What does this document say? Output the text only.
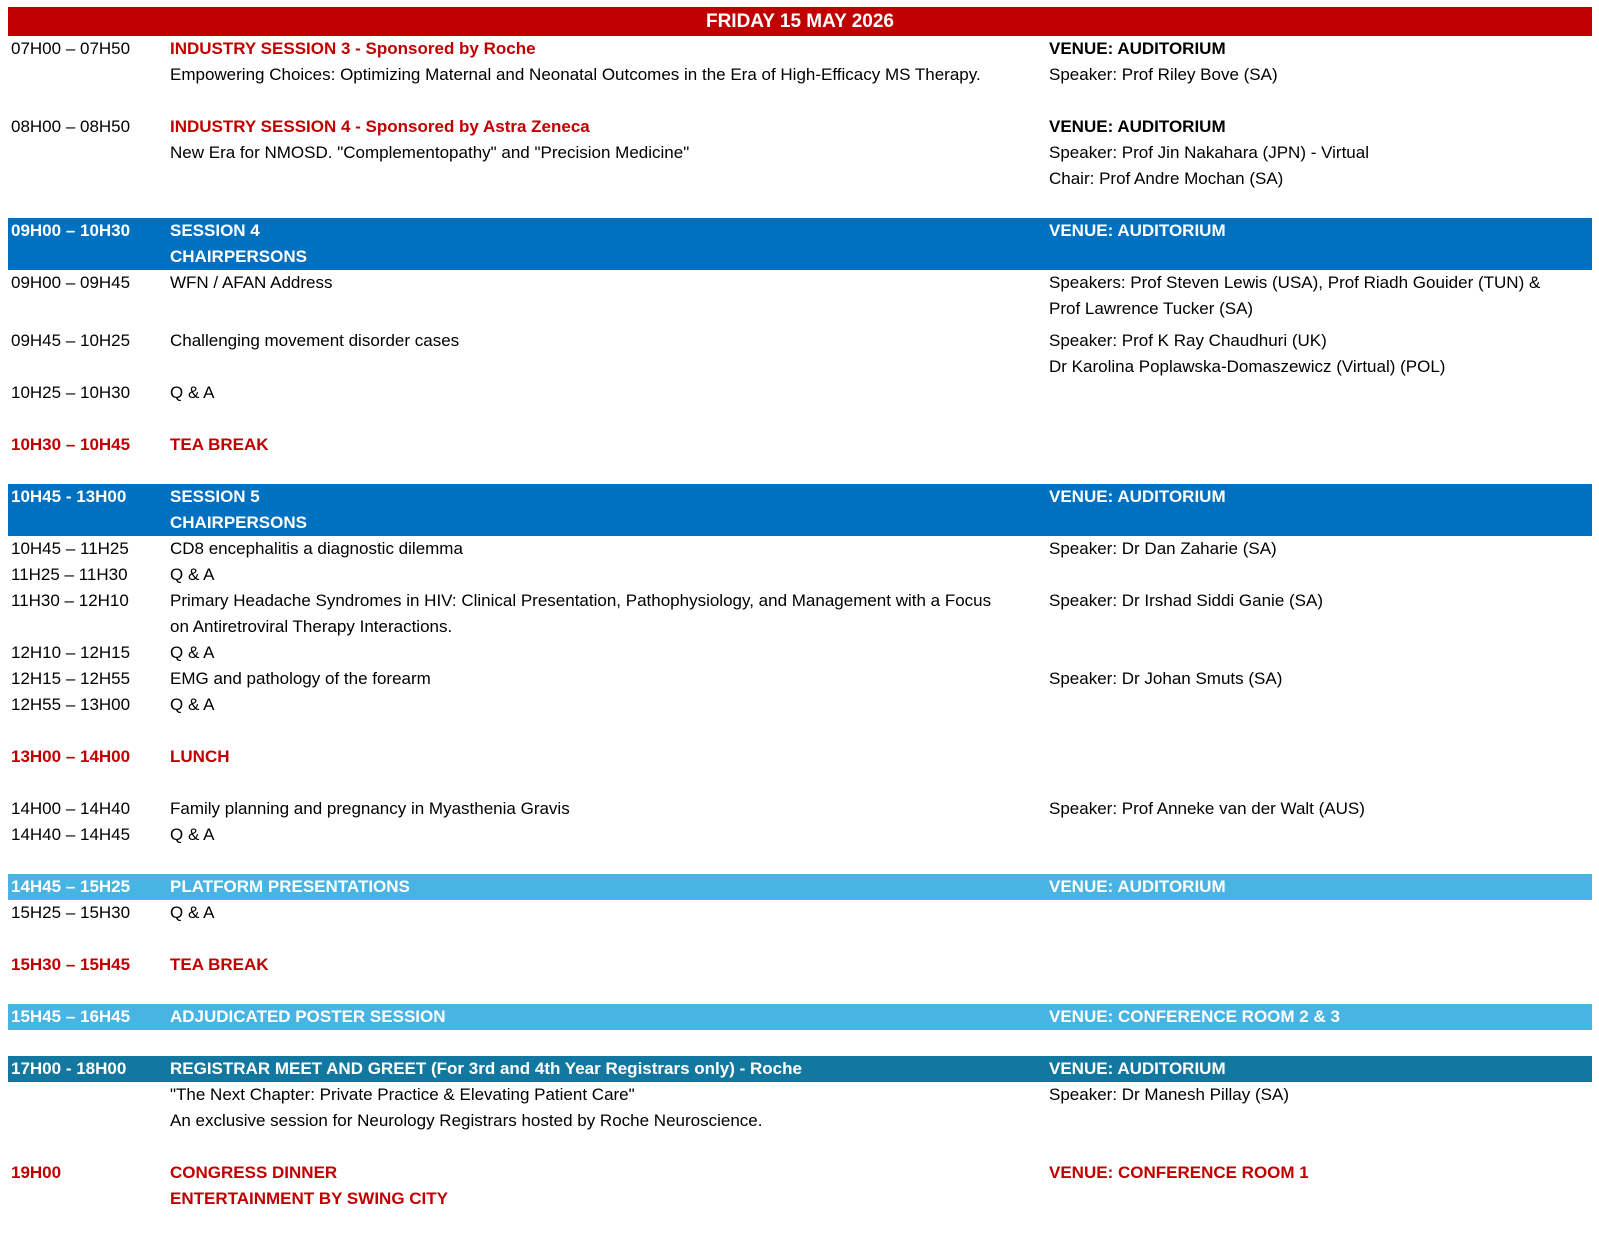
FRIDAY 15 MAY 2026
07H00 – 07H50 INDUSTRY SESSION 3 - Sponsored by Roche	VENUE: AUDITORIUM
Empowering Choices: Optimizing Maternal and Neonatal Outcomes in the Era of High-Efficacy MS Therapy.	Speaker: Prof Riley Bove (SA)
08H00 – 08H50 INDUSTRY SESSION 4 - Sponsored by Astra Zeneca	VENUE: AUDITORIUM
New Era for NMOSD. "Complementopathy" and "Precision Medicine"	Speaker: Prof Jin Nakahara (JPN) - Virtual
Chair: Prof Andre Mochan (SA)
09H00 – 10H30 SESSION 4	VENUE: AUDITORIUM
CHAIRPERSONS
09H00 – 09H45 WFN / AFAN Address	Speakers: Prof Steven Lewis (USA), Prof Riadh Gouider (TUN) &
Prof Lawrence Tucker (SA)
09H45 – 10H25 Challenging movement disorder cases	Speaker: Prof K Ray Chaudhuri (UK)
Dr Karolina Poplawska-Domaszewicz (Virtual) (POL)
10H25 – 10H30 Q & A
10H30 – 10H45 TEA BREAK
10H45 - 13H00	SESSION 5	VENUE: AUDITORIUM
CHAIRPERSONS
10H45 – 11H25 CD8 encephalitis a diagnostic dilemma	Speaker: Dr Dan Zaharie (SA)
11H25 – 11H30 Q & A
11H30 – 12H10 Primary Headache Syndromes in HIV: Clinical Presentation, Pathophysiology, and Management with a Focus	Speaker: Dr Irshad Siddi Ganie (SA)
on Antiretroviral Therapy Interactions.
12H10 – 12H15 Q & A
12H15 – 12H55 EMG and pathology of the forearm	Speaker: Dr Johan Smuts (SA)
12H55 – 13H00 Q & A
13H00 – 14H00 LUNCH
14H00 – 14H40 Family planning and pregnancy in Myasthenia Gravis	Speaker: Prof Anneke van der Walt (AUS)
14H40 – 14H45 Q & A
14H45 – 15H25 PLATFORM PRESENTATIONS	VENUE: AUDITORIUM
15H25 – 15H30 Q & A
15H30 – 15H45 TEA BREAK
15H45 – 16H45 ADJUDICATED POSTER SESSION	VENUE: CONFERENCE ROOM 2 & 3
17H00 - 18H00	REGISTRAR MEET AND GREET (For 3rd and 4th Year Registrars only) - Roche	VENUE: AUDITORIUM
"The Next Chapter: Private Practice & Elevating Patient Care"	Speaker: Dr Manesh Pillay (SA)
An exclusive session for Neurology Registrars hosted by Roche Neuroscience.
19H00	CONGRESS DINNER	VENUE: CONFERENCE ROOM 1
ENTERTAINMENT BY SWING CITY
